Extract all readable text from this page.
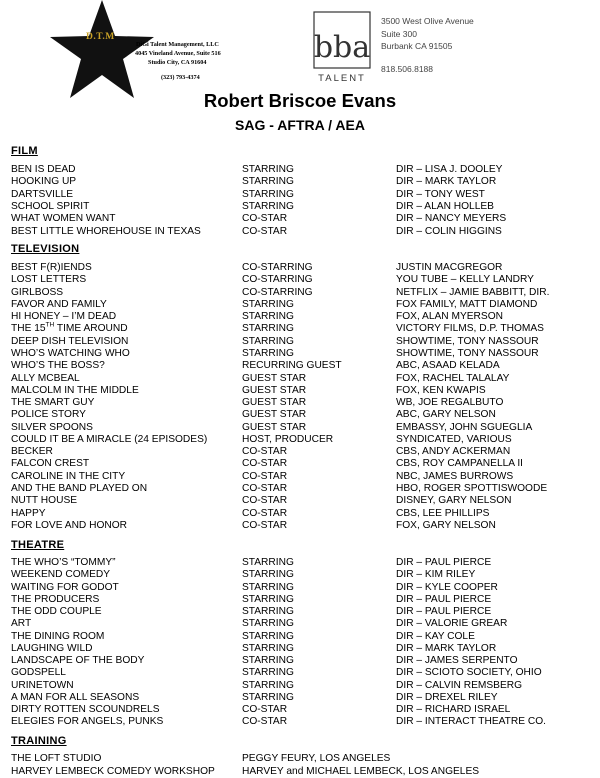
D.T.M
DiGi Talent Management, LLC
4045 Vineland Avenue, Suite 516
Studio City, CA 91604
(323) 793-4374
bba
TALENT
3500 West Olive Avenue
Suite 300
Burbank CA 91505
818.506.8188
Robert Briscoe Evans
SAG - AFTRA / AEA
FILM
BEN IS DEAD	STARRING	DIR – LISA J. DOOLEY
HOOKING UP	STARRING	DIR – MARK TAYLOR
DARTSVILLE	STARRING	DIR – TONY WEST
SCHOOL SPIRIT	STARRING	DIR – ALAN HOLLEB
WHAT WOMEN WANT	CO-STAR	DIR – NANCY MEYERS
BEST LITTLE WHOREHOUSE IN TEXAS	CO-STAR	DIR – COLIN HIGGINS
TELEVISION
BEST F(R)IENDS	CO-STARRING	JUSTIN MACGREGOR
LOST LETTERS	CO-STARRING	YOU TUBE – KELLY LANDRY
GIRLBOSS	CO-STARRING	NETFLIX – JAMIE BABBITT, DIR.
FAVOR AND FAMILY	STARRING	FOX FAMILY, MATT DIAMOND
HI HONEY – I’M DEAD	STARRING	FOX, ALAN MYERSON
THE 15TH TIME AROUND	STARRING	VICTORY FILMS, D.P. THOMAS
DEEP DISH TELEVISION	STARRING	SHOWTIME, TONY NASSOUR
WHO’S WATCHING WHO	STARRING	SHOWTIME, TONY NASSOUR
WHO’S THE BOSS?	RECURRING GUEST	ABC, ASAAD KELADA
ALLY MCBEAL	GUEST STAR	FOX, RACHEL TALALAY
MALCOLM IN THE MIDDLE	GUEST STAR	FOX, KEN KWAPIS
THE SMART GUY	GUEST STAR	WB, JOE REGALBUTO
POLICE STORY	GUEST STAR	ABC, GARY NELSON
SILVER SPOONS	GUEST STAR	EMBASSY, JOHN SGUEGLIA
COULD IT BE A MIRACLE (24 EPISODES)	HOST, PRODUCER	SYNDICATED, VARIOUS
BECKER	CO-STAR	CBS, ANDY ACKERMAN
FALCON CREST	CO-STAR	CBS, ROY CAMPANELLA II
CAROLINE IN THE CITY	CO-STAR	NBC, JAMES BURROWS
AND THE BAND PLAYED ON	CO-STAR	HBO, ROGER SPOTTISWOODE
NUTT HOUSE	CO-STAR	DISNEY, GARY NELSON
HAPPY	CO-STAR	CBS, LEE PHILLIPS
FOR LOVE AND HONOR	CO-STAR	FOX, GARY NELSON
THEATRE
THE WHO’S “TOMMY”	STARRING	DIR – PAUL PIERCE
WEEKEND COMEDY	STARRING	DIR – KIM RILEY
WAITING FOR GODOT	STARRING	DIR – KYLE COOPER
THE PRODUCERS	STARRING	DIR – PAUL PIERCE
THE ODD COUPLE	STARRING	DIR – PAUL PIERCE
ART	STARRING	DIR – VALORIE GREAR
THE DINING ROOM	STARRING	DIR – KAY COLE
LAUGHING WILD	STARRING	DIR – MARK TAYLOR
LANDSCAPE OF THE BODY	STARRING	DIR – JAMES SERPENTO
GODSPELL	STARRING	DIR – SCIOTO SOCIETY, OHIO
URINETOWN	STARRING	DIR – CALVIN REMSBERG
A MAN FOR ALL SEASONS	STARRING	DIR – DREXEL RILEY
DIRTY ROTTEN SCOUNDRELS	CO-STAR	DIR – RICHARD ISRAEL
ELEGIES FOR ANGELS, PUNKS	CO-STAR	DIR – INTERACT THEATRE CO.
TRAINING
THE LOFT STUDIO	PEGGY FEURY, LOS ANGELES
HARVEY LEMBECK COMEDY WORKSHOP	HARVEY and MICHAEL LEMBECK, LOS ANGELES
